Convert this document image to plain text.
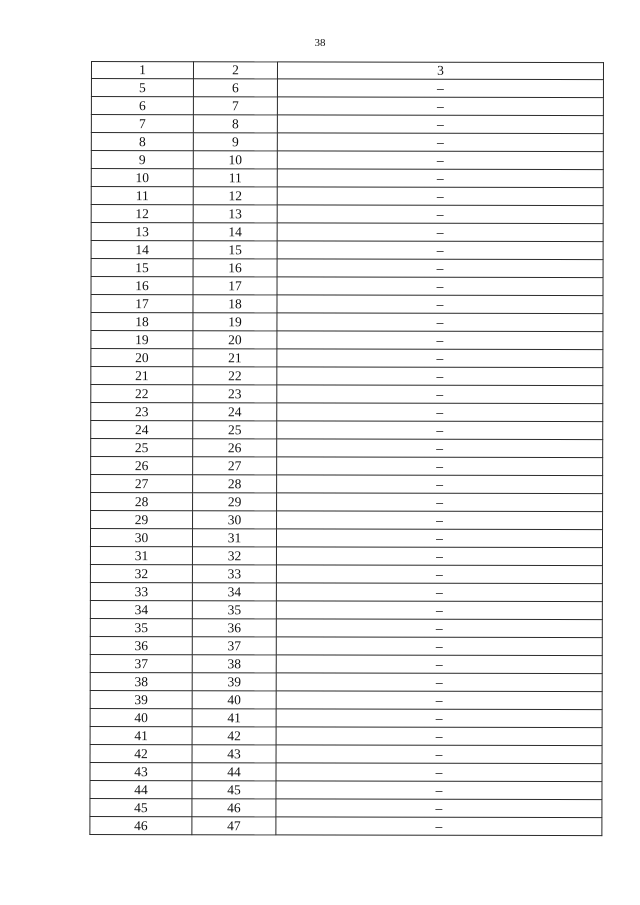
38
1	2	3
5	6	–
6	7	–
7	8	–
8	9	–
9	10	–
10	11	–
11	12	–
12	13	–
13	14	–
14	15	–
15	16	–
16	17	–
17	18	–
18	19	–
19	20	–
20	21	–
21	22	–
22	23	–
23	24	–
24	25	–
25	26	–
26	27	–
27	28	–
28	29	–
29	30	–
30	31	–
31	32	–
32	33	–
33	34	–
34	35	–
35	36	–
36	37	–
37	38	–
38	39	–
39	40	–
40	41	–
41	42	–
42	43	–
43	44	–
44	45	–
45	46	–
46	47	–
